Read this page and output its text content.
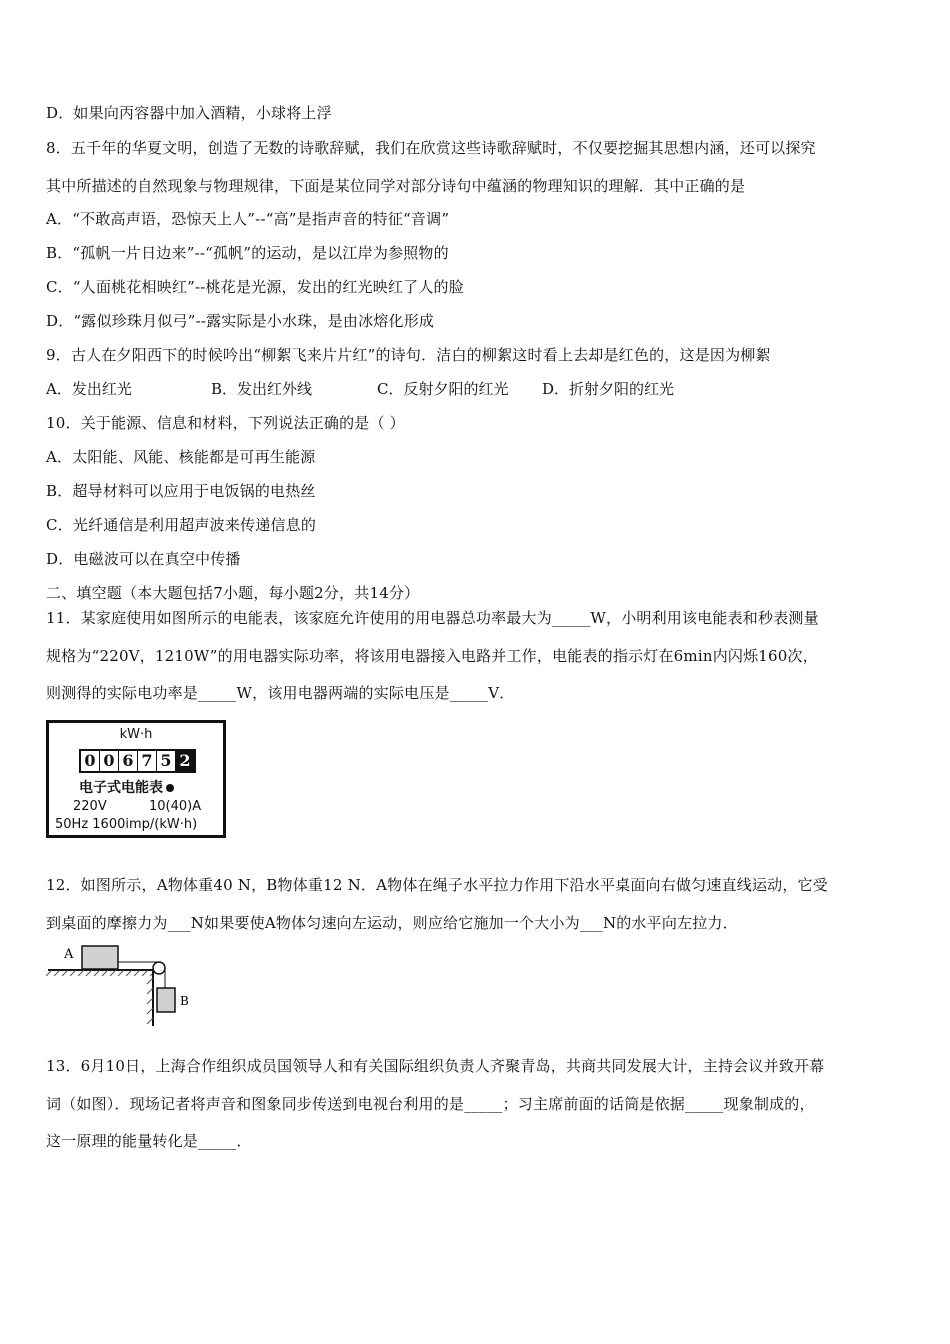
D．如果向丙容器中加入酒精，小球将上浮
8．五千年的华夏文明，创造了无数的诗歌辞赋，我们在欣赏这些诗歌辞赋时，不仅要挖掘其思想内涵，还可以探究
其中所描述的自然现象与物理规律，下面是某位同学对部分诗句中蕴涵的物理知识的理解．其中正确的是
A．“不敢高声语，恐惊天上人”--“高”是指声音的特征“音调”
B．“孤帆一片日边来”--“孤帆”的运动，是以江岸为参照物的
C．“人面桃花相映红”--桃花是光源，发出的红光映红了人的脸
D．“露似珍珠月似弓”--露实际是小水珠，是由冰熔化形成
9．古人在夕阳西下的时候吟出“柳絮飞来片片红”的诗句．洁白的柳絮这时看上去却是红色的，这是因为柳絮
A．发出红光	B．发出红外线	C．反射夕阳的红光 D．折射夕阳的红光
10．关于能源、信息和材料，下列说法正确的是（ ）
A．太阳能、风能、核能都是可再生能源
B．超导材料可以应用于电饭锅的电热丝
C．光纤通信是利用超声波来传递信息的
D．电磁波可以在真空中传播
二、填空题（本大题包括7小题，每小题2分，共14分）
11．某家庭使用如图所示的电能表，该家庭允许使用的用电器总功率最大为_____W，小明利用该电能表和秒表测量
规格为“220V，1210W”的用电器实际功率，将该用电器接入电路并工作，电能表的指示灯在6min内闪烁160次，
则测得的实际电功率是_____W，该用电器两端的实际电压是_____V．
kW·h
0 0 6 7 5 2
电子式电能表
220V	10(40)A
50Hz 1600imp/(kW·h)
12．如图所示，A物体重40 N，B物体重12 N．A物体在绳子水平拉力作用下沿水平桌面向右做匀速直线运动，它受
到桌面的摩擦力为___N如果要使A物体匀速向左运动，则应给它施加一个大小为___N的水平向左拉力．
A
B
13．6月10日，上海合作组织成员国领导人和有关国际组织负责人齐聚青岛，共商共同发展大计，主持会议并致开幕
词（如图）．现场记者将声音和图象同步传送到电视台利用的是_____；习主席前面的话筒是依据_____现象制成的，
这一原理的能量转化是_____．
